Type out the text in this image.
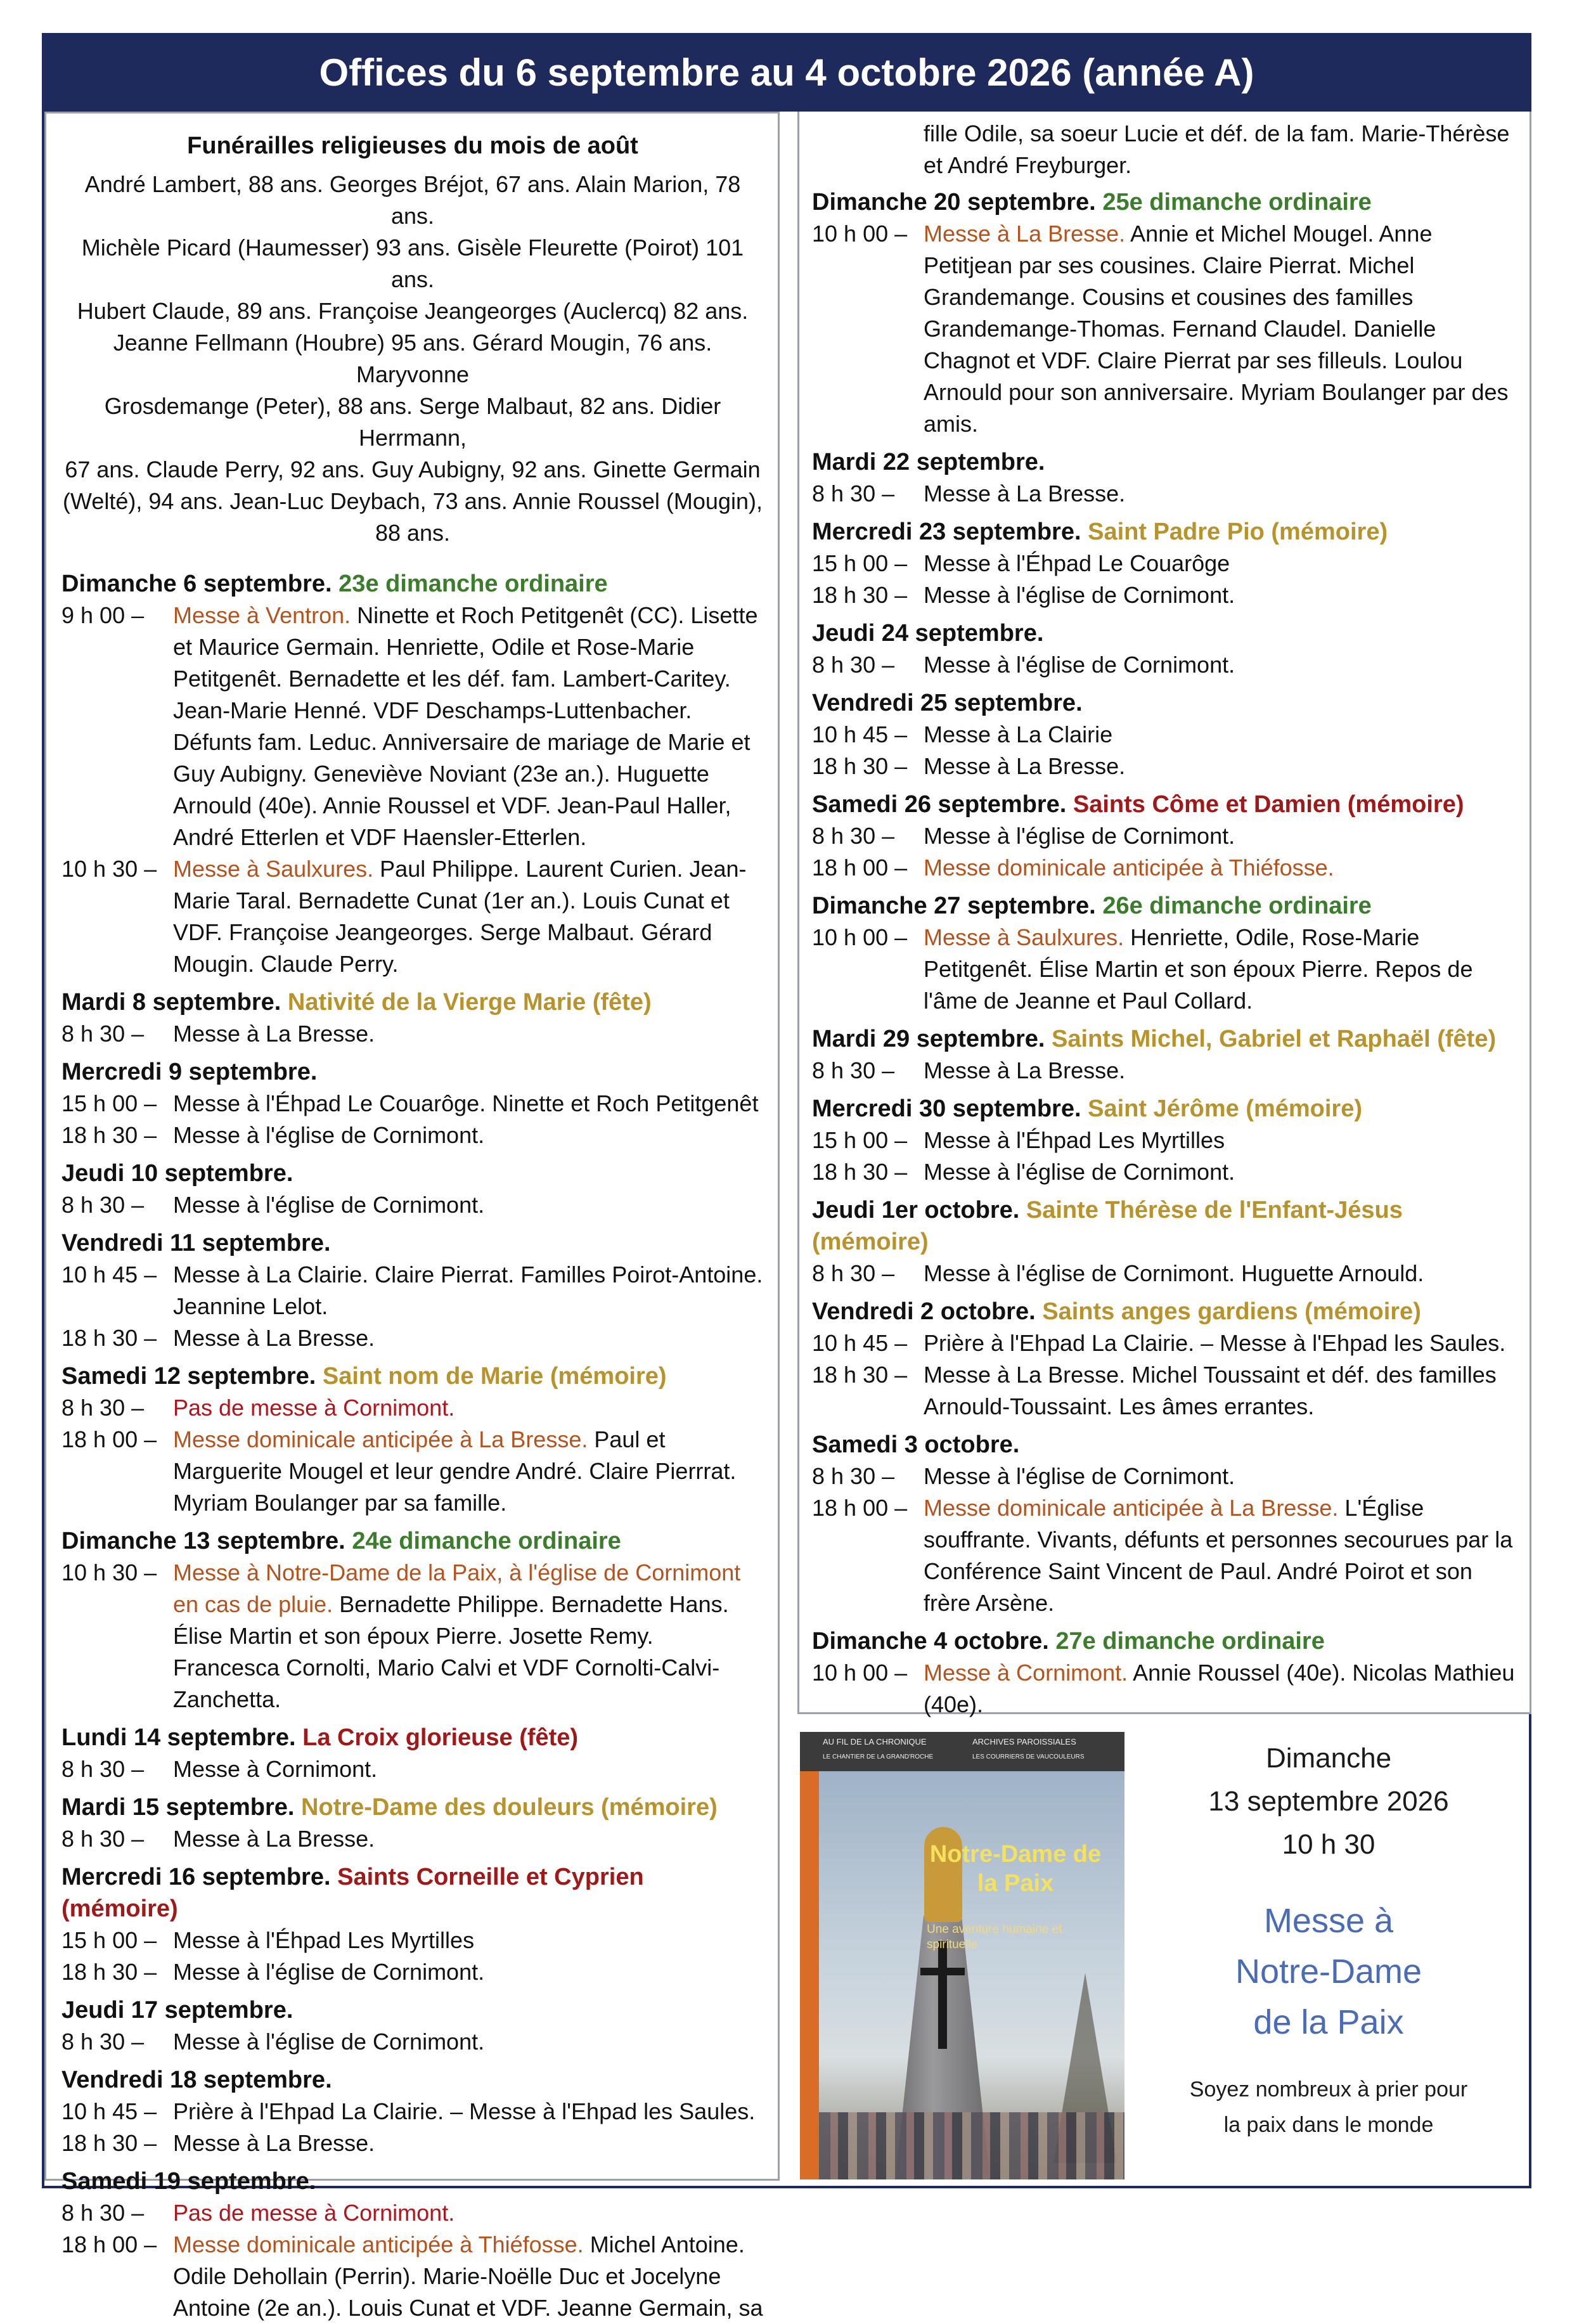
Offices du 6 septembre au 4 octobre 2026 (année A)
Funérailles religieuses du mois de août
André Lambert, 88 ans. Georges Bréjot, 67 ans. Alain Marion, 78 ans.
Michèle Picard (Haumesser) 93 ans. Gisèle Fleurette (Poirot) 101 ans.
Hubert Claude, 89 ans. Françoise Jeangeorges (Auclercq) 82 ans.
Jeanne Fellmann (Houbre) 95 ans. Gérard Mougin, 76 ans. Maryvonne
Grosdemange (Peter), 88 ans. Serge Malbaut, 82 ans. Didier Herrmann,
67 ans. Claude Perry, 92 ans. Guy Aubigny, 92 ans. Ginette Germain
(Welté), 94 ans. Jean-Luc Deybach, 73 ans. Annie Roussel (Mougin),
88 ans.
Dimanche 6 septembre. 23e dimanche ordinaire
9 h 00 –	Messe à Ventron. Ninette et Roch Petitgenêt (CC). Lisette et Maurice Germain. Henriette, Odile et Rose-Marie Petitgenêt. Bernadette et les déf. fam. Lambert-Caritey. Jean-Marie Henné. VDF Deschamps-Luttenbacher. Défunts fam. Leduc. Anniversaire de mariage de Marie et Guy Aubigny. Geneviève Noviant (23e an.). Huguette Arnould (40e). Annie Roussel et VDF. Jean-Paul Haller, André Etterlen et VDF Haensler-Etterlen.
10 h 30 – Messe à Saulxures. Paul Philippe. Laurent Curien. Jean-Marie Taral. Bernadette Cunat (1er an.). Louis Cunat et VDF. Françoise Jeangeorges. Serge Malbaut. Gérard Mougin. Claude Perry.
Mardi 8 septembre. Nativité de la Vierge Marie (fête)
8 h 30 –	Messe à La Bresse.
Mercredi 9 septembre.
15 h 00 – Messe à l'Éhpad Le Couarôge. Ninette et Roch Petitgenêt
18 h 30 – Messe à l'église de Cornimont.
Jeudi 10 septembre.
8 h 30 –	Messe à l'église de Cornimont.
Vendredi 11 septembre.
10 h 45 – Messe à La Clairie. Claire Pierrat. Familles Poirot-Antoine. Jeannine Lelot.
18 h 30 – Messe à La Bresse.
Samedi 12 septembre. Saint nom de Marie (mémoire)
8 h 30 –	Pas de messe à Cornimont.
18 h 00 – Messe dominicale anticipée à La Bresse. Paul et Marguerite Mougel et leur gendre André. Claire Pierrrat. Myriam Boulanger par sa famille.
Dimanche 13 septembre. 24e dimanche ordinaire
10 h 30 – Messe à Notre-Dame de la Paix, à l'église de Cornimont en cas de pluie. Bernadette Philippe. Bernadette Hans. Élise Martin et son époux Pierre. Josette Remy. Francesca Cornolti, Mario Calvi et VDF Cornolti-Calvi-Zanchetta.
Lundi 14 septembre. La Croix glorieuse (fête)
8 h 30 –	Messe à Cornimont.
Mardi 15 septembre. Notre-Dame des douleurs (mémoire)
8 h 30 –	Messe à La Bresse.
Mercredi 16 septembre. Saints Corneille et Cyprien (mémoire)
15 h 00 – Messe à l'Éhpad Les Myrtilles
18 h 30 – Messe à l'église de Cornimont.
Jeudi 17 septembre.
8 h 30 –	Messe à l'église de Cornimont.
Vendredi 18 septembre.
10 h 45 – Prière à l'Ehpad La Clairie. – Messe à l'Ehpad les Saules.
18 h 30 – Messe à La Bresse.
Samedi 19 septembre.
8 h 30 –	Pas de messe à Cornimont.
18 h 00 – Messe dominicale anticipée à Thiéfosse. Michel Antoine. Odile Dehollain (Perrin). Marie-Noëlle Duc et Jocelyne Antoine (2e an.). Louis Cunat et VDF. Jeanne Germain, sa
fille Odile, sa soeur Lucie et déf. de la fam. Marie-Thérèse et André Freyburger.
Dimanche 20 septembre. 25e dimanche ordinaire
10 h 00 – Messe à La Bresse. Annie et Michel Mougel. Anne Petitjean par ses cousines. Claire Pierrat. Michel Grandemange. Cousins et cousines des familles Grandemange-Thomas. Fernand Claudel. Danielle Chagnot et VDF. Claire Pierrat par ses filleuls. Loulou Arnould pour son anniversaire. Myriam Boulanger par des amis.
Mardi 22 septembre.
8 h 30 –	Messe à La Bresse.
Mercredi 23 septembre. Saint Padre Pio (mémoire)
15 h 00 – Messe à l'Éhpad Le Couarôge
18 h 30 – Messe à l'église de Cornimont.
Jeudi 24 septembre.
8 h 30 –	Messe à l'église de Cornimont.
Vendredi 25 septembre.
10 h 45 – Messe à La Clairie
18 h 30 – Messe à La Bresse.
Samedi 26 septembre. Saints Côme et Damien (mémoire)
8 h 30 –	Messe à l'église de Cornimont.
18 h 00 – Messe dominicale anticipée à Thiéfosse.
Dimanche 27 septembre. 26e dimanche ordinaire
10 h 00 – Messe à Saulxures. Henriette, Odile, Rose-Marie Petitgenêt. Élise Martin et son époux Pierre. Repos de l'âme de Jeanne et Paul Collard.
Mardi 29 septembre. Saints Michel, Gabriel et Raphaël (fête)
8 h 30 –	Messe à La Bresse.
Mercredi 30 septembre. Saint Jérôme (mémoire)
15 h 00 – Messe à l'Éhpad Les Myrtilles
18 h 30 – Messe à l'église de Cornimont.
Jeudi 1er octobre. Sainte Thérèse de l'Enfant-Jésus (mémoire)
8 h 30 –	Messe à l'église de Cornimont. Huguette Arnould.
Vendredi 2 octobre. Saints anges gardiens (mémoire)
10 h 45 – Prière à l'Ehpad La Clairie. – Messe à l'Ehpad les Saules.
18 h 30 – Messe à La Bresse. Michel Toussaint et déf. des familles Arnould-Toussaint. Les âmes errantes.
Samedi 3 octobre.
8 h 30 –	Messe à l'église de Cornimont.
18 h 00 – Messe dominicale anticipée à La Bresse. L'Église souffrante. Vivants, défunts et personnes secourues par la Conférence Saint Vincent de Paul. André Poirot et son frère Arsène.
Dimanche 4 octobre. 27e dimanche ordinaire
10 h 00 – Messe à Cornimont. Annie Roussel (40e). Nicolas Mathieu (40e).
AU FIL DE LA CHRONIQUE
LE CHANTIER DE LA GRAND'ROCHE
ARCHIVES PAROISSIALES
LES COURRIERS DE VAUCOULEURS
Notre-Dame de la Paix
Une aventure humaine et spirituelle
Dimanche
13 septembre 2026
10 h 30
Messe à
Notre-Dame
de la Paix
Soyez nombreux à prier pour
la paix dans le monde
